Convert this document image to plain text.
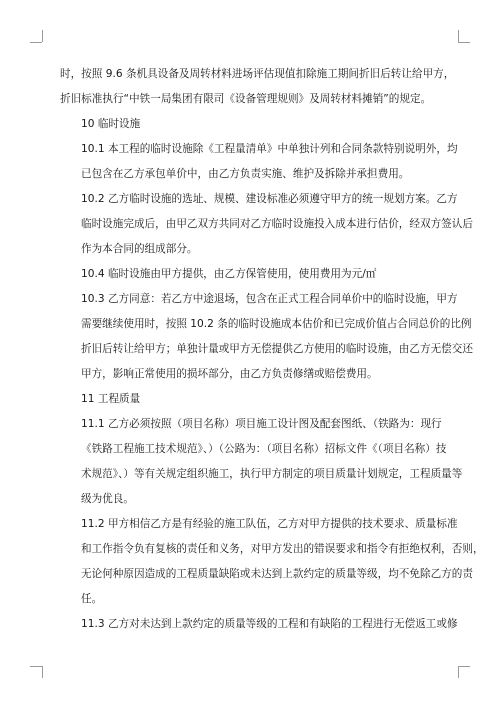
时，按照 9.6 条机具设备及周转材料进场评估现值扣除施工期间折旧后转让给甲方，
折旧标准执行“中铁一局集团有限司《设备管理规则》及周转材料摊销”的规定。

10 临时设施

10.1 本工程的临时设施除《工程量清单》中单独计列和合同条款特别说明外，均
已包含在乙方承包单价中，由乙方负责实施、维护及拆除并承担费用。

10.2 乙方临时设施的选址、规模、建设标准必须遵守甲方的统一规划方案。乙方
临时设施完成后，由甲乙双方共同对乙方临时设施投入成本进行估价，经双方签认后
作为本合同的组成部分。

10.4 临时设施由甲方提供，由乙方保管使用，使用费用为元/㎡

10.3 乙方同意：若乙方中途退场，包含在正式工程合同单价中的临时设施，甲方
需要继续使用时，按照 10.2 条的临时设施成本估价和已完成价值占合同总价的比例
折旧后转让给甲方；单独计量或甲方无偿提供乙方使用的临时设施，由乙方无偿交还
甲方，影响正常使用的损坏部分，由乙方负责修缮或赔偿费用。

11 工程质量

11.1 乙方必须按照（项目名称）项目施工设计图及配套图纸、（铁路为：现行
《铁路工程施工技术规范》、）（公路为：（项目名称）招标文件《（项目名称）技
术规范》、）等有关规定组织施工，执行甲方制定的项目质量计划规定，工程质量等
级为优良。

11.2 甲方相信乙方是有经验的施工队伍，乙方对甲方提供的技术要求、质量标准
和工作指令负有复核的责任和义务，对甲方发出的错误要求和指令有拒绝权利，否则，
无论何种原因造成的工程质量缺陷或未达到上款约定的质量等级，均不免除乙方的责
任。

11.3 乙方对未达到上款约定的质量等级的工程和有缺陷的工程进行无偿返工或修
